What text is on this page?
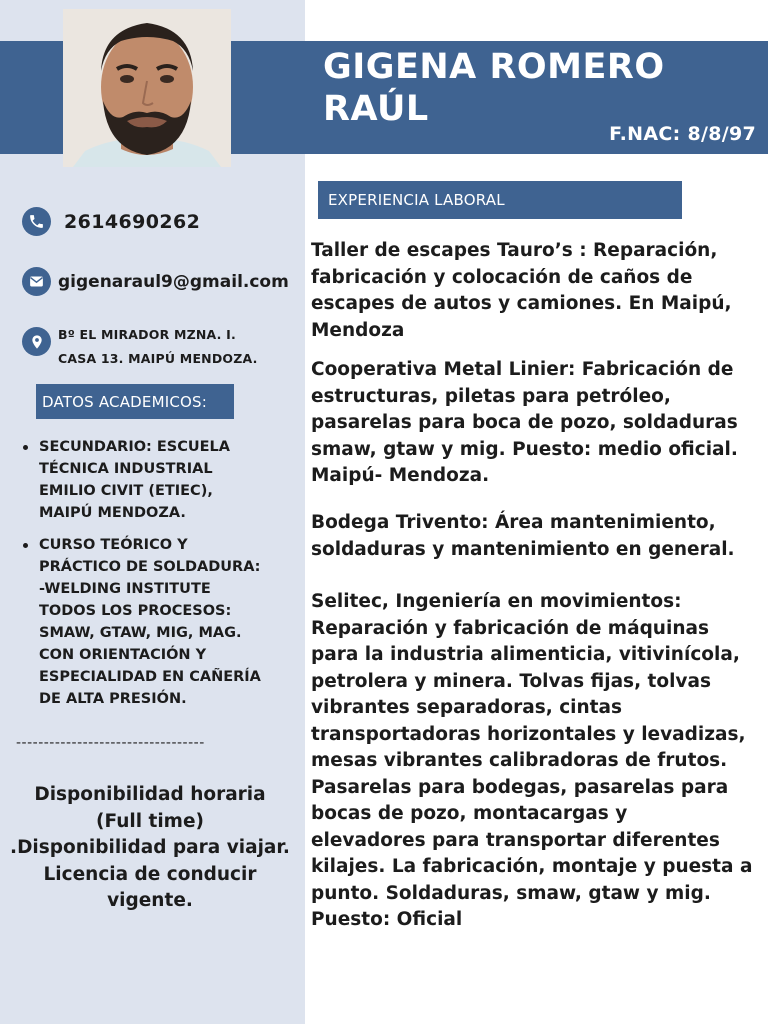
GIGENA ROMERO
RAÚL
F.NAC: 8/8/97
2614690262
gigenaraul9@gmail.com
Bº EL MIRADOR MZNA. I.
CASA 13. MAIPÚ MENDOZA.
DATOS ACADEMICOS:
SECUNDARIO: ESCUELA
TÉCNICA INDUSTRIAL
EMILIO CIVIT (ETIEC),
MAIPÚ MENDOZA.
CURSO TEÓRICO Y
PRÁCTICO DE SOLDADURA:
-WELDING INSTITUTE
TODOS LOS PROCESOS:
SMAW, GTAW, MIG, MAG.
CON ORIENTACIÓN Y
ESPECIALIDAD EN CAÑERÍA
DE ALTA PRESIÓN.
----------------------------------
Disponibilidad horaria
(Full time)
.Disponibilidad para viajar.
Licencia de conducir
vigente.
EXPERIENCIA LABORAL
Taller de escapes Tauro’s : Reparación,
fabricación y colocación de caños de
escapes de autos y camiones. En Maipú,
Mendoza
Cooperativa Metal Linier: Fabricación de
estructuras, piletas para petróleo,
pasarelas para boca de pozo, soldaduras
smaw, gtaw y mig. Puesto: medio oficial.
Maipú- Mendoza.
Bodega Trivento: Área mantenimiento,
soldaduras y mantenimiento en general.
Selitec, Ingeniería en movimientos:
Reparación y fabricación de máquinas
para la industria alimenticia, vitivinícola,
petrolera y minera. Tolvas fijas, tolvas
vibrantes separadoras, cintas
transportadoras horizontales y levadizas,
mesas vibrantes calibradoras de frutos.
Pasarelas para bodegas, pasarelas para
bocas de pozo, montacargas y
elevadores para transportar diferentes
kilajes. La fabricación, montaje y puesta a
punto. Soldaduras, smaw, gtaw y mig.
Puesto: Oficial
